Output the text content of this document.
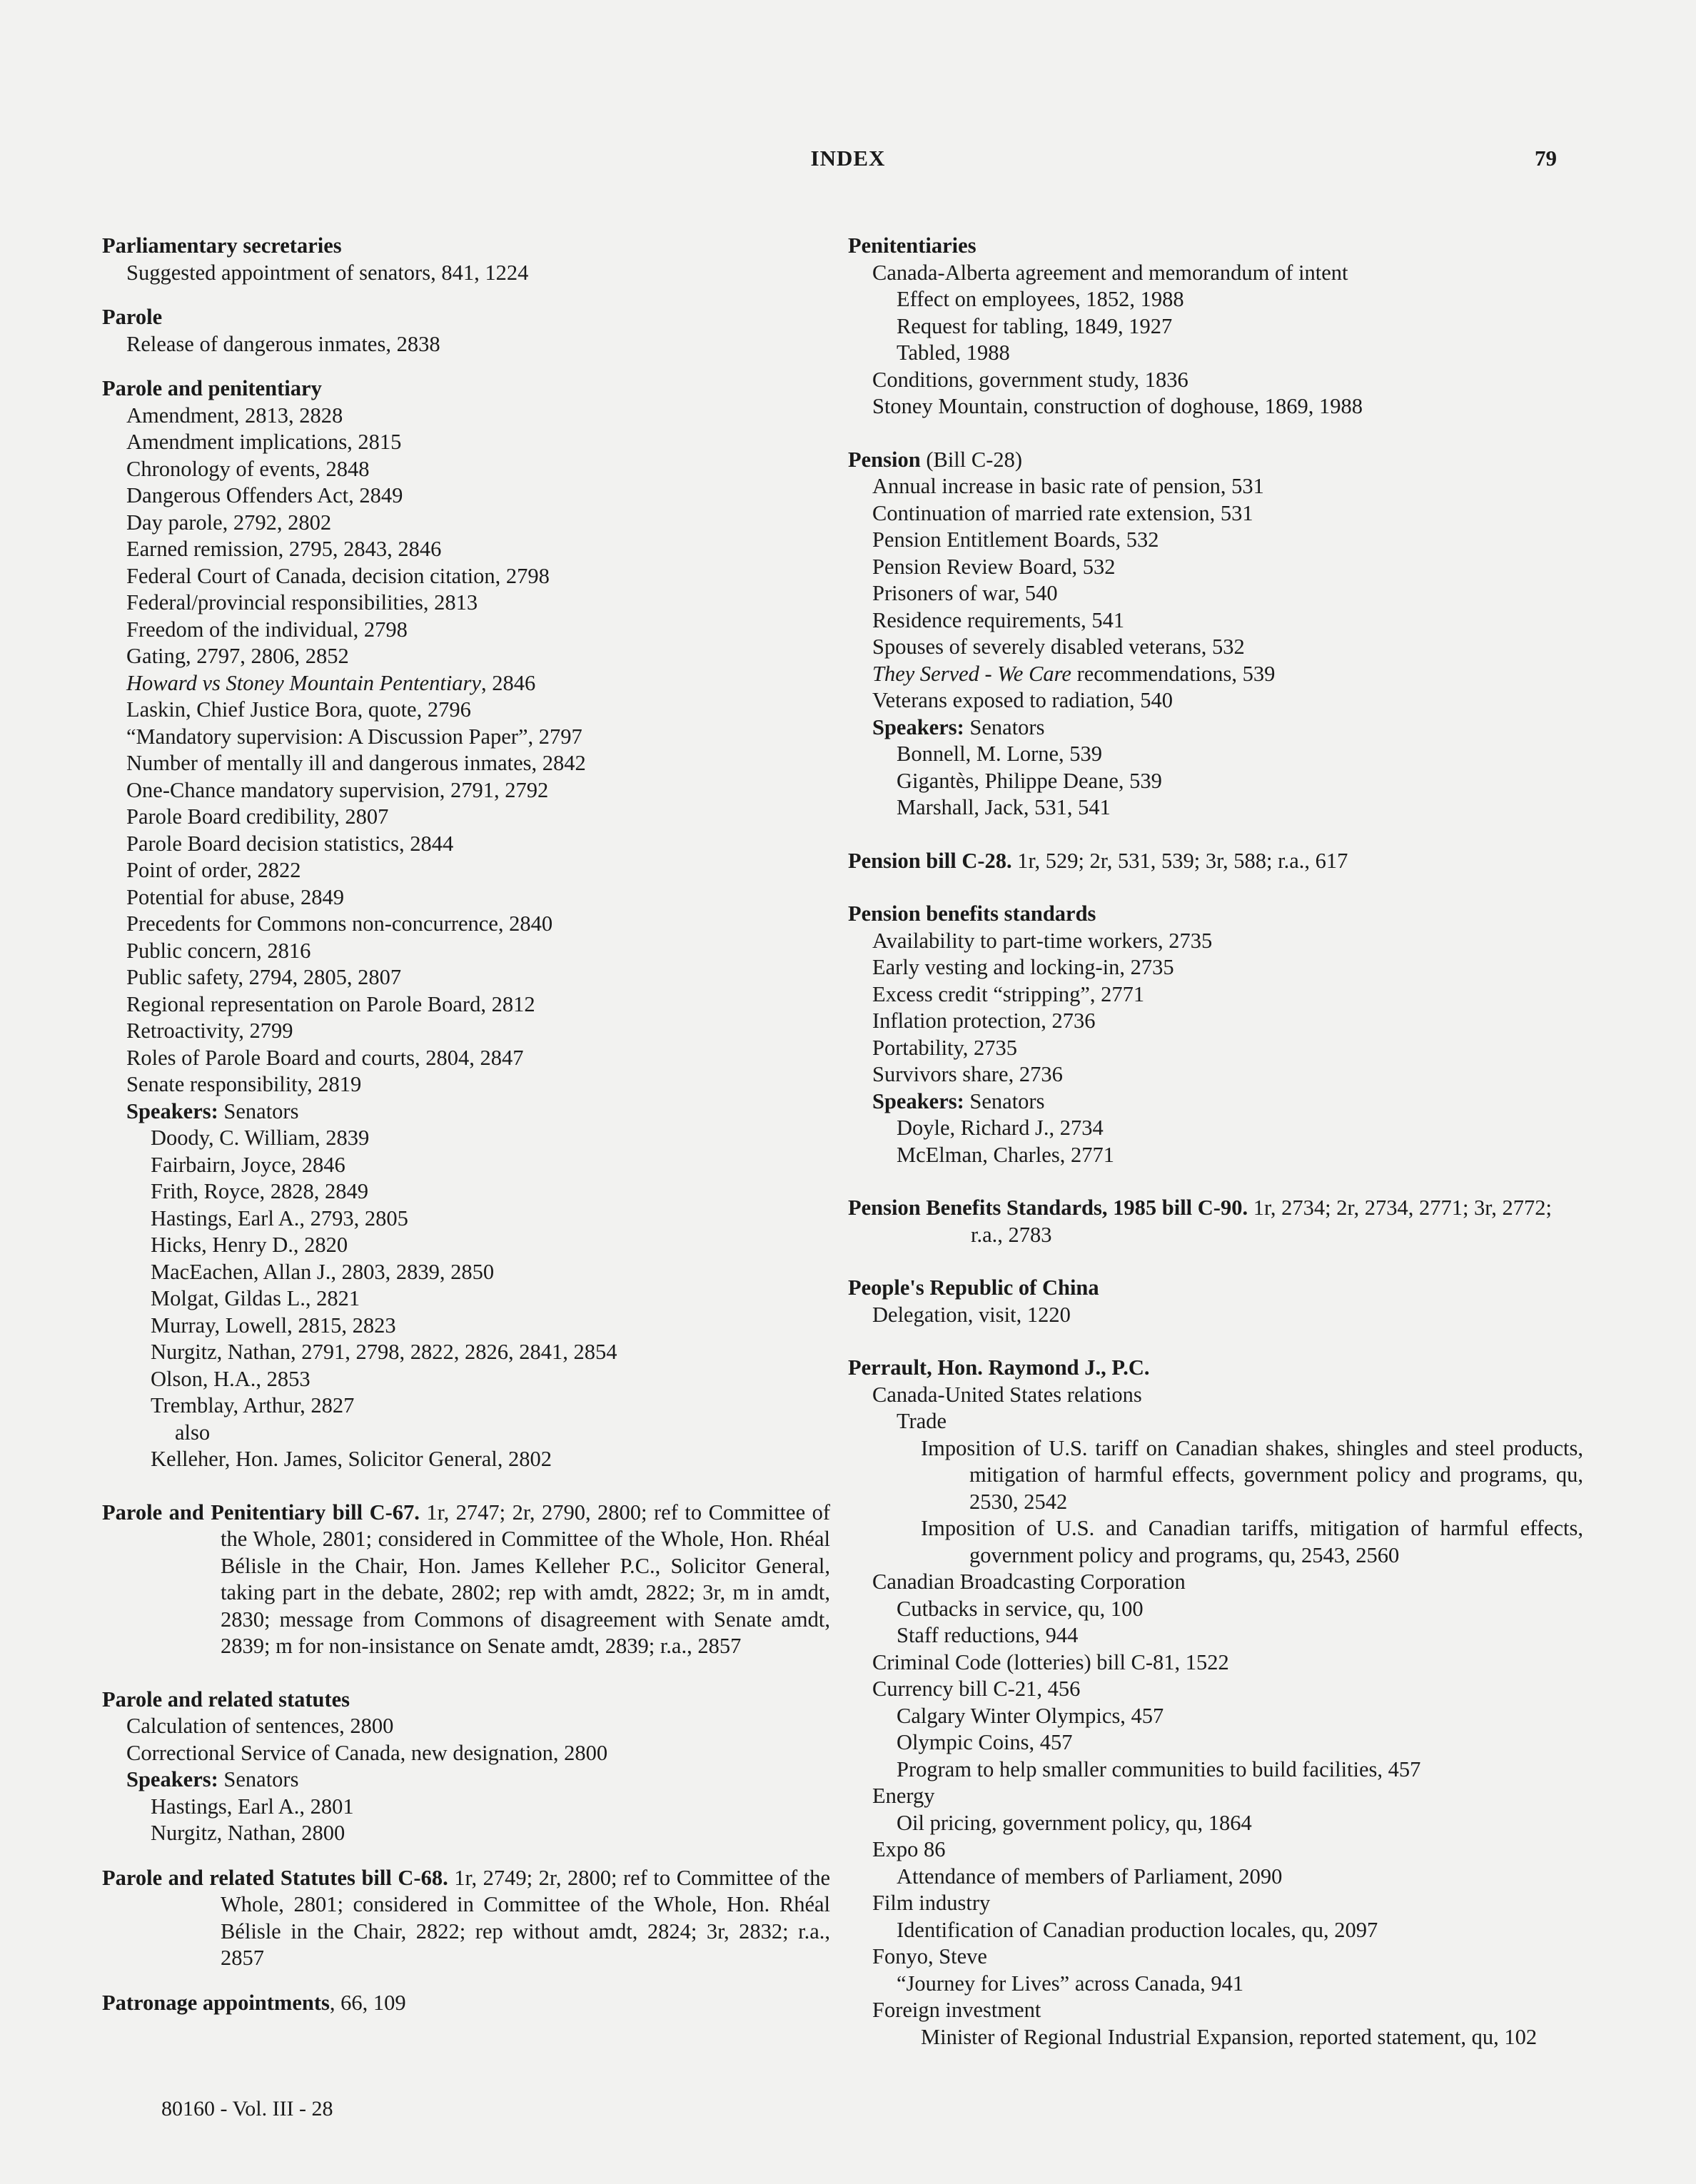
INDEX	79
Parliamentary secretaries
Suggested appointment of senators, 841, 1224
Parole
Release of dangerous inmates, 2838
Parole and penitentiary
Amendment, 2813, 2828
Amendment implications, 2815
Chronology of events, 2848
Dangerous Offenders Act, 2849
Day parole, 2792, 2802
Earned remission, 2795, 2843, 2846
Federal Court of Canada, decision citation, 2798
Federal/provincial responsibilities, 2813
Freedom of the individual, 2798
Gating, 2797, 2806, 2852
Howard vs Stoney Mountain Pententiary, 2846
Laskin, Chief Justice Bora, quote, 2796
“Mandatory supervision: A Discussion Paper”, 2797
Number of mentally ill and dangerous inmates, 2842
One-Chance mandatory supervision, 2791, 2792
Parole Board credibility, 2807
Parole Board decision statistics, 2844
Point of order, 2822
Potential for abuse, 2849
Precedents for Commons non-concurrence, 2840
Public concern, 2816
Public safety, 2794, 2805, 2807
Regional representation on Parole Board, 2812
Retroactivity, 2799
Roles of Parole Board and courts, 2804, 2847
Senate responsibility, 2819
Speakers: Senators
Doody, C. William, 2839
Fairbairn, Joyce, 2846
Frith, Royce, 2828, 2849
Hastings, Earl A., 2793, 2805
Hicks, Henry D., 2820
MacEachen, Allan J., 2803, 2839, 2850
Molgat, Gildas L., 2821
Murray, Lowell, 2815, 2823
Nurgitz, Nathan, 2791, 2798, 2822, 2826, 2841, 2854
Olson, H.A., 2853
Tremblay, Arthur, 2827
also
Kelleher, Hon. James, Solicitor General, 2802
Parole and Penitentiary bill C-67. 1r, 2747; 2r, 2790, 2800; ref to Committee of the Whole, 2801; considered in Committee of the Whole, Hon. Rhéal Bélisle in the Chair, Hon. James Kelleher P.C., Solicitor General, taking part in the debate, 2802; rep with amdt, 2822; 3r, m in amdt, 2830; message from Commons of disagreement with Senate amdt, 2839; m for non-insistance on Senate amdt, 2839; r.a., 2857
Parole and related statutes
Calculation of sentences, 2800
Correctional Service of Canada, new designation, 2800
Speakers: Senators
Hastings, Earl A., 2801
Nurgitz, Nathan, 2800
Parole and related Statutes bill C-68. 1r, 2749; 2r, 2800; ref to Committee of the Whole, 2801; considered in Committee of the Whole, Hon. Rhéal Bélisle in the Chair, 2822; rep without amdt, 2824; 3r, 2832; r.a., 2857
Patronage appointments, 66, 109
Penitentiaries
Canada-Alberta agreement and memorandum of intent
Effect on employees, 1852, 1988
Request for tabling, 1849, 1927
Tabled, 1988
Conditions, government study, 1836
Stoney Mountain, construction of doghouse, 1869, 1988
Pension (Bill C-28)
Annual increase in basic rate of pension, 531
Continuation of married rate extension, 531
Pension Entitlement Boards, 532
Pension Review Board, 532
Prisoners of war, 540
Residence requirements, 541
Spouses of severely disabled veterans, 532
They Served - We Care recommendations, 539
Veterans exposed to radiation, 540
Speakers: Senators
Bonnell, M. Lorne, 539
Gigantès, Philippe Deane, 539
Marshall, Jack, 531, 541
Pension bill C-28. 1r, 529; 2r, 531, 539; 3r, 588; r.a., 617
Pension benefits standards
Availability to part-time workers, 2735
Early vesting and locking-in, 2735
Excess credit “stripping”, 2771
Inflation protection, 2736
Portability, 2735
Survivors share, 2736
Speakers: Senators
Doyle, Richard J., 2734
McElman, Charles, 2771
Pension Benefits Standards, 1985 bill C-90. 1r, 2734; 2r, 2734, 2771; 3r, 2772; r.a., 2783
People's Republic of China
Delegation, visit, 1220
Perrault, Hon. Raymond J., P.C.
Canada-United States relations
Trade
Imposition of U.S. tariff on Canadian shakes, shingles and steel products, mitigation of harmful effects, government policy and programs, qu, 2530, 2542
Imposition of U.S. and Canadian tariffs, mitigation of harmful effects, government policy and programs, qu, 2543, 2560
Canadian Broadcasting Corporation
Cutbacks in service, qu, 100
Staff reductions, 944
Criminal Code (lotteries) bill C-81, 1522
Currency bill C-21, 456
Calgary Winter Olympics, 457
Olympic Coins, 457
Program to help smaller communities to build facilities, 457
Energy
Oil pricing, government policy, qu, 1864
Expo 86
Attendance of members of Parliament, 2090
Film industry
Identification of Canadian production locales, qu, 2097
Fonyo, Steve
“Journey for Lives” across Canada, 941
Foreign investment
Minister of Regional Industrial Expansion, reported statement, qu, 102
80160 - Vol. III - 28
